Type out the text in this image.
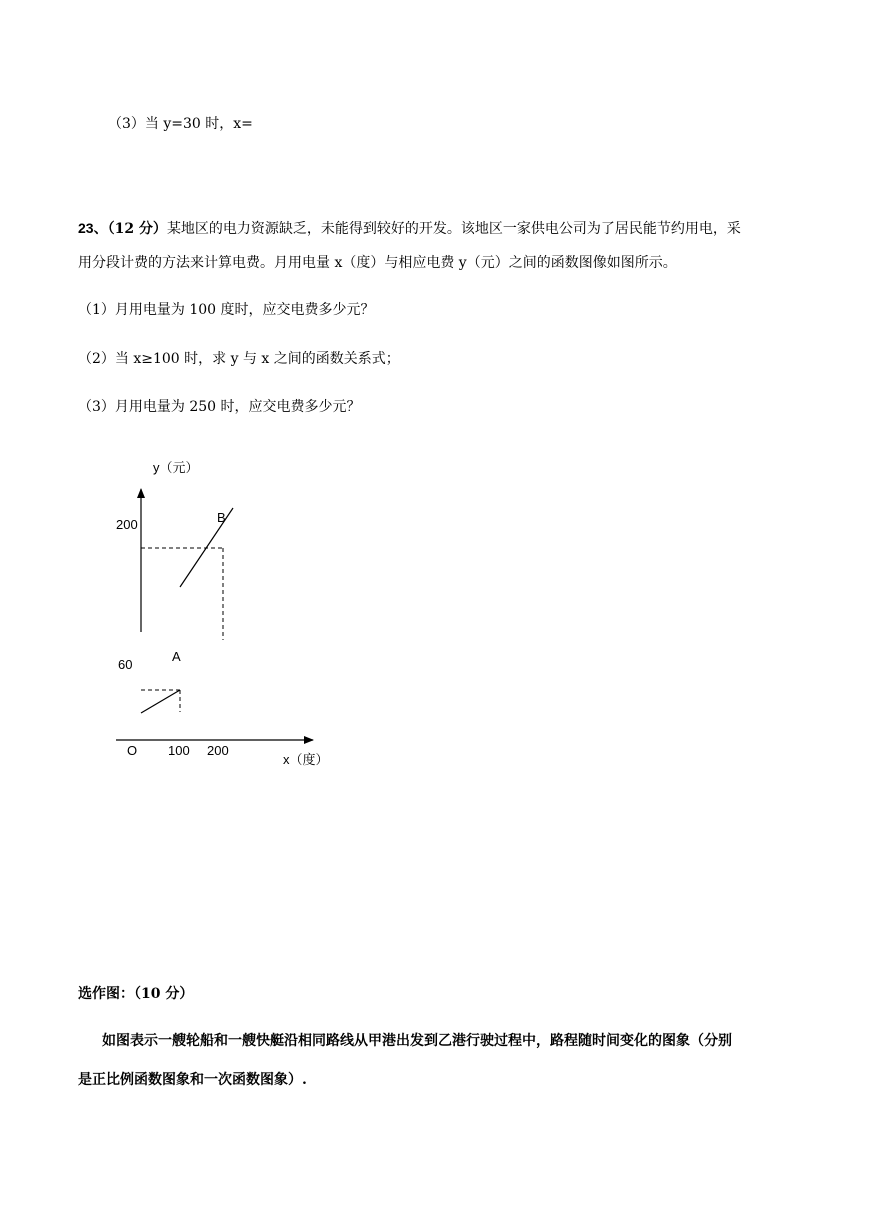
（3）当 y=30 时，x=
23、（12 分）某地区的电力资源缺乏，未能得到较好的开发。该地区一家供电公司为了居民能节约用电，采
用分段计费的方法来计算电费。月用电量 x（度）与相应电费 y（元）之间的函数图像如图所示。
（1）月用电量为 100 度时，应交电费多少元？
（2）当 x≥100 时，求 y 与 x 之间的函数关系式；
（3）月用电量为 250 时，应交电费多少元？
y（元）
200	B
A
60
O 100 200
x（度）
选作图：（10 分）
如图表示一艘轮船和一艘快艇沿相同路线从甲港出发到乙港行驶过程中，路程随时间变化的图象（分别
是正比例函数图象和一次函数图象）.
